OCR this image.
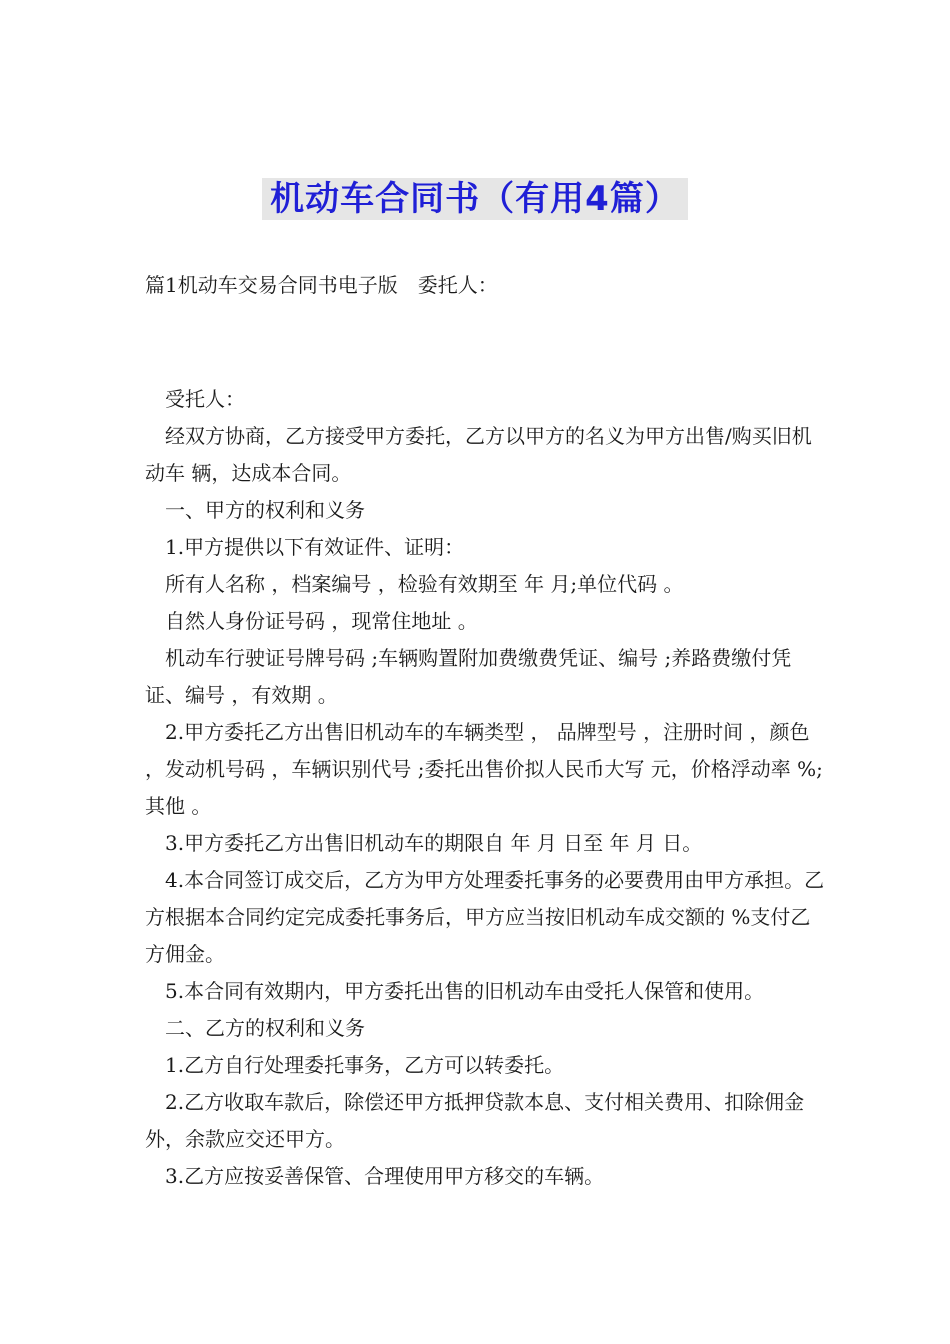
机动车合同书（有用4篇）
篇1机动车交易合同书电子版　委托人：

受托人：

经双方协商，乙方接受甲方委托，乙方以甲方的名义为甲方出售/购买旧机动车 辆，达成本合同。

一、甲方的权利和义务

1.甲方提供以下有效证件、证明：

所有人名称 ，档案编号 ，检验有效期至 年 月;单位代码 。

自然人身份证号码 ，现常住地址 。

机动车行驶证号牌号码 ;车辆购置附加费缴费凭证、编号 ;养路费缴付凭证、编号 ，有效期 。

2.甲方委托乙方出售旧机动车的车辆类型 ， 品牌型号 ，注册时间 ，颜色 ，发动机号码 ，车辆识别代号 ;委托出售价拟人民币大写 元，价格浮动率 %;其他 。

3.甲方委托乙方出售旧机动车的期限自 年 月 日至 年 月 日。

4.本合同签订成交后，乙方为甲方处理委托事务的必要费用由甲方承担。乙方根据本合同约定完成委托事务后，甲方应当按旧机动车成交额的 %支付乙方佣金。

5.本合同有效期内，甲方委托出售的旧机动车由受托人保管和使用。

二、乙方的权利和义务

1.乙方自行处理委托事务，乙方可以转委托。

2.乙方收取车款后，除偿还甲方抵押贷款本息、支付相关费用、扣除佣金外，余款应交还甲方。

3.乙方应按妥善保管、合理使用甲方移交的车辆。
